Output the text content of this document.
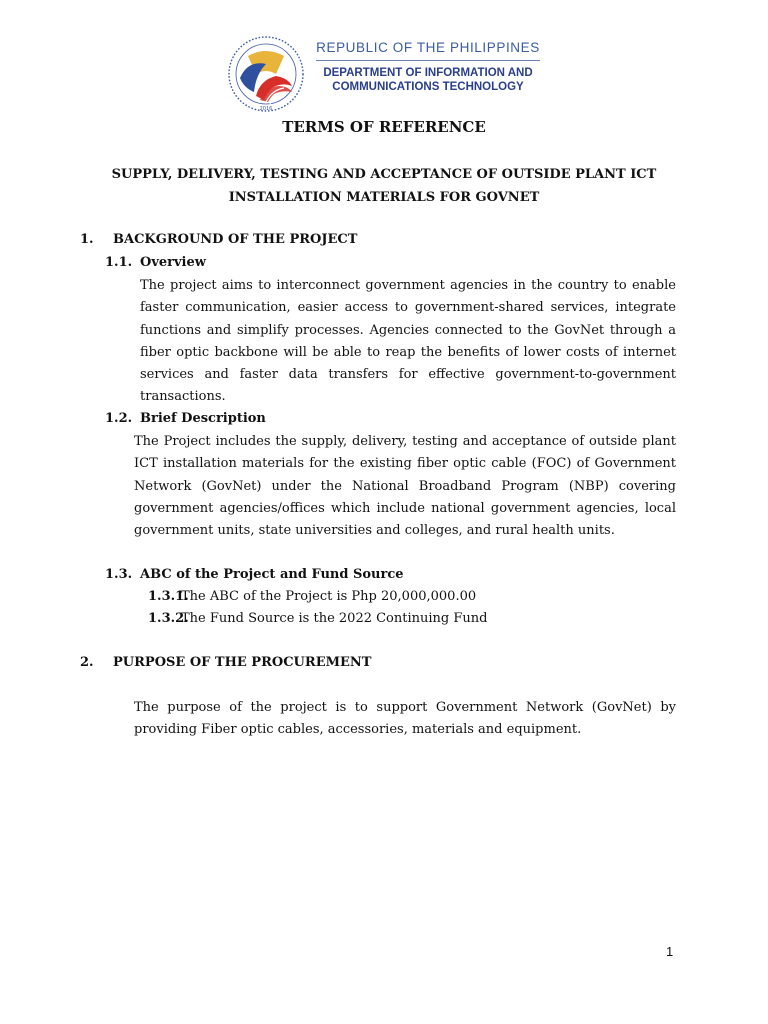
2016
REPUBLIC OF THE PHILIPPINES
DEPARTMENT OF INFORMATION AND
COMMUNICATIONS TECHNOLOGY
TERMS OF REFERENCE
SUPPLY, DELIVERY, TESTING AND ACCEPTANCE OF OUTSIDE PLANT ICT
INSTALLATION MATERIALS FOR GOVNET
1. BACKGROUND OF THE PROJECT
1.1. Overview
The project aims to interconnect government agencies in the country to enable faster communication, easier access to government-shared services, integrate functions and simplify processes. Agencies connected to the GovNet through a fiber optic backbone will be able to reap the benefits of lower costs of internet services and faster data transfers for effective government-to-government transactions.
1.2. Brief Description
The Project includes the supply, delivery, testing and acceptance of outside plant ICT installation materials for the existing fiber optic cable (FOC) of Government Network (GovNet) under the National Broadband Program (NBP) covering government agencies/offices which include national government agencies, local government units, state universities and colleges, and rural health units.
1.3. ABC of the Project and Fund Source
1.3.1.
The ABC of the Project is Php 20,000,000.00
1.3.2.
The Fund Source is the 2022 Continuing Fund
2. PURPOSE OF THE PROCUREMENT
The purpose of the project is to support Government Network (GovNet) by providing Fiber optic cables, accessories, materials and equipment.
1
